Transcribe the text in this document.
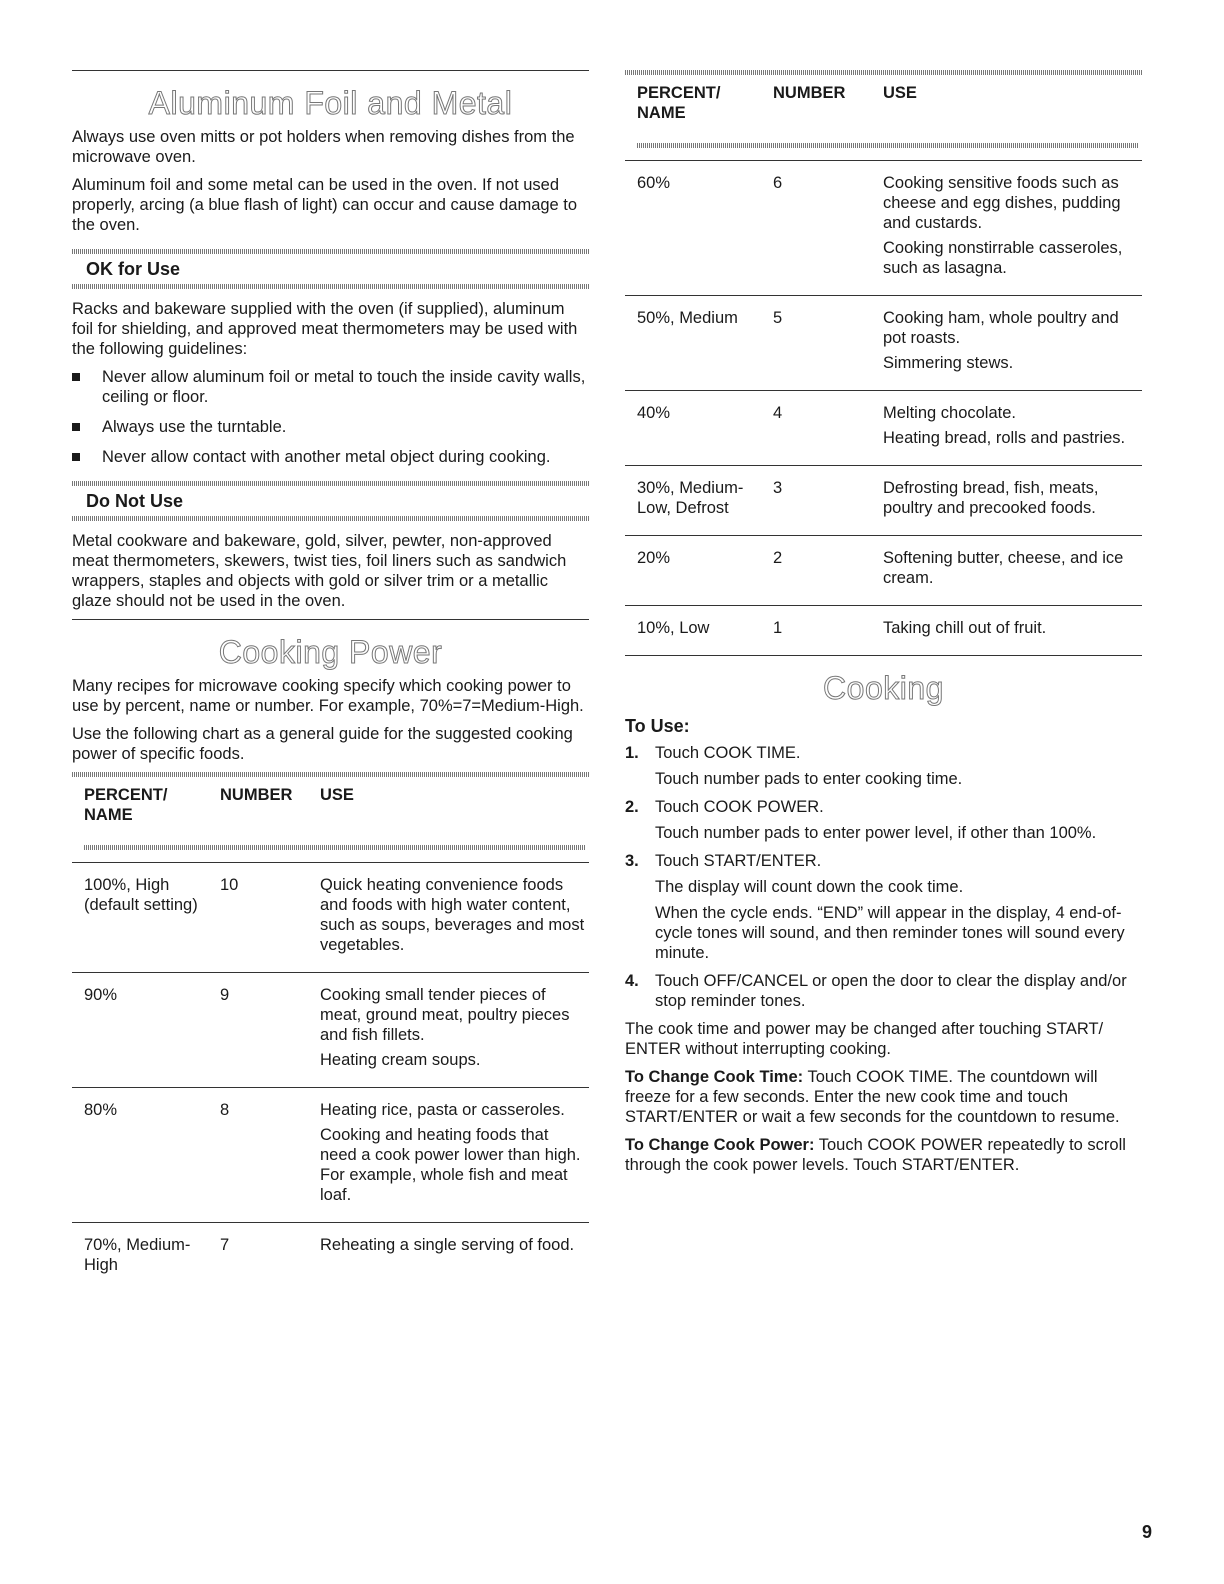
Aluminum Foil and Metal

Always use oven mitts or pot holders when removing dishes from the microwave oven.

Aluminum foil and some metal can be used in the oven. If not used properly, arcing (a blue flash of light) can occur and cause damage to the oven.

OK for Use

Racks and bakeware supplied with the oven (if supplied), aluminum foil for shielding, and approved meat thermometers may be used with the following guidelines:

Never allow aluminum foil or metal to touch the inside cavity walls, ceiling or floor.
Always use the turntable.
Never allow contact with another metal object during cooking.
Do Not Use

Metal cookware and bakeware, gold, silver, pewter, non-approved meat thermometers, skewers, twist ties, foil liners such as sandwich wrappers, staples and objects with gold or silver trim or a metallic glaze should not be used in the oven.

Cooking Power

Many recipes for microwave cooking specify which cooking power to use by percent, name or number. For example, 70%=7=Medium-High.

Use the following chart as a general guide for the suggested cooking power of specific foods.

PERCENT/ NAME	NUMBER	USE

100%, High (default setting)	10	Quick heating convenience foods and foods with high water content, such as soups, beverages and most vegetables.

90%	9	Cooking small tender pieces of meat, ground meat, poultry pieces and fish fillets.

Heating cream soups.

80%	8	Heating rice, pasta or casseroles.

Cooking and heating foods that need a cook power lower than high. For example, whole fish and meat loaf.

70%, Medium-High	7	Reheating a single serving of food.

PERCENT/ NAME	NUMBER	USE

60%	6	Cooking sensitive foods such as cheese and egg dishes, pudding and custards.

Cooking nonstirrable casseroles, such as lasagna.

50%, Medium	5	Cooking ham, whole poultry and pot roasts.

Simmering stews.

40%	4	Melting chocolate.

Heating bread, rolls and pastries.

30%, Medium-Low, Defrost	3	Defrosting bread, fish, meats, poultry and precooked foods.

20%	2	Softening butter, cheese, and ice cream.

10%, Low	1	Taking chill out of fruit.

Cooking
To Use:
1. Touch COOK TIME.

Touch number pads to enter cooking time.

2. Touch COOK POWER.

Touch number pads to enter power level, if other than 100%.

3. Touch START/ENTER.

The display will count down the cook time.

When the cycle ends. “END” will appear in the display, 4 end-of-cycle tones will sound, and then reminder tones will sound every minute.

4. Touch OFF/CANCEL or open the door to clear the display and/or stop reminder tones.

The cook time and power may be changed after touching START/ ENTER without interrupting cooking.

To Change Cook Time: Touch COOK TIME. The countdown will freeze for a few seconds. Enter the new cook time and touch START/ENTER or wait a few seconds for the countdown to resume.

To Change Cook Power: Touch COOK POWER repeatedly to scroll through the cook power levels. Touch START/ENTER.

9
